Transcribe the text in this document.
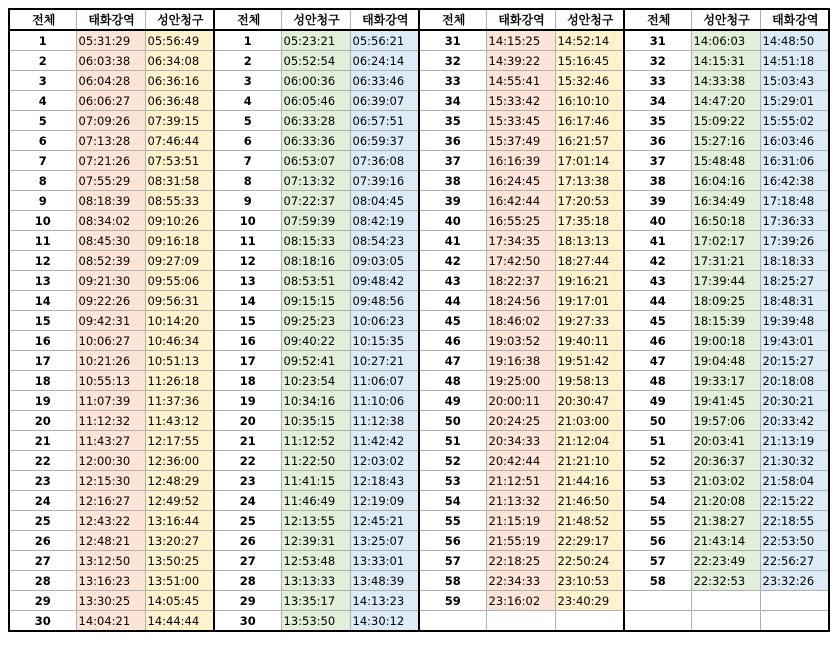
전체	태화강역	성안청구	전체	성안청구	태화강역	전체	태화강역	성안청구	전체	성안청구	태화강역
1	05:31:29	05:56:49	1	05:23:21	05:56:21	31	14:15:25	14:52:14	31	14:06:03	14:48:50
2	06:03:38	06:34:08	2	05:52:54	06:24:14	32	14:39:22	15:16:45	32	14:15:31	14:51:18
3	06:04:28	06:36:16	3	06:00:36	06:33:46	33	14:55:41	15:32:46	33	14:33:38	15:03:43
4	06:06:27	06:36:48	4	06:05:46	06:39:07	34	15:33:42	16:10:10	34	14:47:20	15:29:01
5	07:09:26	07:39:15	5	06:33:28	06:57:51	35	15:33:45	16:17:46	35	15:09:22	15:55:02
6	07:13:28	07:46:44	6	06:33:36	06:59:37	36	15:37:49	16:21:57	36	15:27:16	16:03:46
7	07:21:26	07:53:51	7	06:53:07	07:36:08	37	16:16:39	17:01:14	37	15:48:48	16:31:06
8	07:55:29	08:31:58	8	07:13:32	07:39:16	38	16:24:45	17:13:38	38	16:04:16	16:42:38
9	08:18:39	08:55:33	9	07:22:37	08:04:45	39	16:42:44	17:20:53	39	16:34:49	17:18:48
10	08:34:02	09:10:26	10	07:59:39	08:42:19	40	16:55:25	17:35:18	40	16:50:18	17:36:33
11	08:45:30	09:16:18	11	08:15:33	08:54:23	41	17:34:35	18:13:13	41	17:02:17	17:39:26
12	08:52:39	09:27:09	12	08:18:16	09:03:05	42	17:42:50	18:27:44	42	17:31:21	18:18:33
13	09:21:30	09:55:06	13	08:53:51	09:48:42	43	18:22:37	19:16:21	43	17:39:44	18:25:27
14	09:22:26	09:56:31	14	09:15:15	09:48:56	44	18:24:56	19:17:01	44	18:09:25	18:48:31
15	09:42:31	10:14:20	15	09:25:23	10:06:23	45	18:46:02	19:27:33	45	18:15:39	19:39:48
16	10:06:27	10:46:34	16	09:40:22	10:15:35	46	19:03:52	19:40:11	46	19:00:18	19:43:01
17	10:21:26	10:51:13	17	09:52:41	10:27:21	47	19:16:38	19:51:42	47	19:04:48	20:15:27
18	10:55:13	11:26:18	18	10:23:54	11:06:07	48	19:25:00	19:58:13	48	19:33:17	20:18:08
19	11:07:39	11:37:36	19	10:34:16	11:10:06	49	20:00:11	20:30:47	49	19:41:45	20:30:21
20	11:12:32	11:43:12	20	10:35:15	11:12:38	50	20:24:25	21:03:00	50	19:57:06	20:33:42
21	11:43:27	12:17:55	21	11:12:52	11:42:42	51	20:34:33	21:12:04	51	20:03:41	21:13:19
22	12:00:30	12:36:00	22	11:22:50	12:03:02	52	20:42:44	21:21:10	52	20:36:37	21:30:32
23	12:15:30	12:48:29	23	11:41:15	12:18:43	53	21:12:51	21:44:16	53	21:03:02	21:58:04
24	12:16:27	12:49:52	24	11:46:49	12:19:09	54	21:13:32	21:46:50	54	21:20:08	22:15:22
25	12:43:22	13:16:44	25	12:13:55	12:45:21	55	21:15:19	21:48:52	55	21:38:27	22:18:55
26	12:48:21	13:20:27	26	12:39:31	13:25:07	56	21:55:19	22:29:17	56	21:43:14	22:53:50
27	13:12:50	13:50:25	27	12:53:48	13:33:01	57	22:18:25	22:50:24	57	22:23:49	22:56:27
28	13:16:23	13:51:00	28	13:13:33	13:48:39	58	22:34:33	23:10:53	58	22:32:53	23:32:26
29	13:30:25	14:05:45	29	13:35:17	14:13:23	59	23:16:02	23:40:29			
30	14:04:21	14:44:44	30	13:53:50	14:30:12						
